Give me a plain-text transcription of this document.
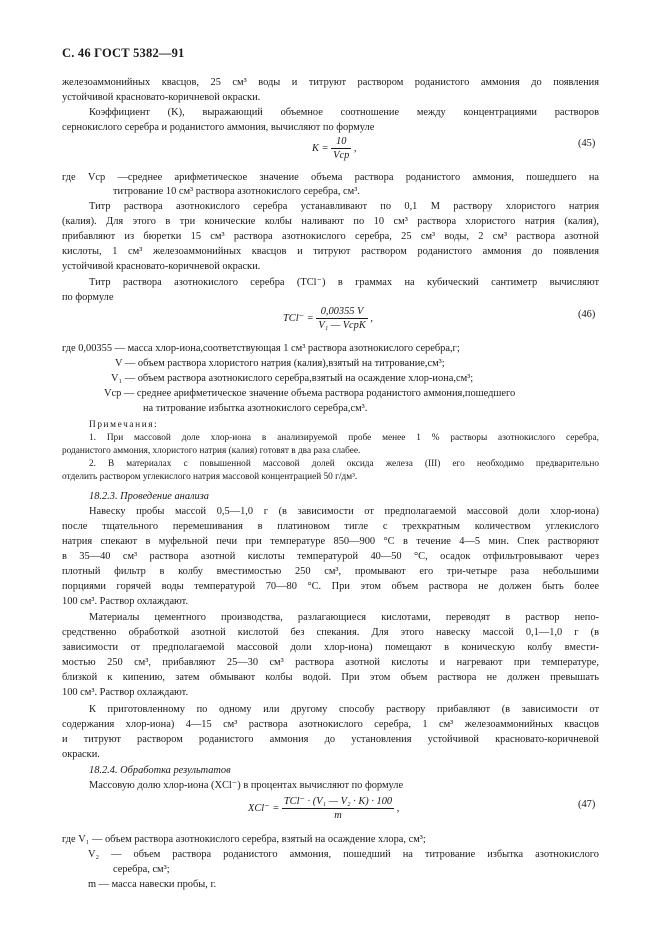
С. 46 ГОСТ 5382—91
железоаммонийных квасцов, 25 см³ воды и титруют раствором роданистого аммония до появления
устойчивой красновато-коричневой окраски.
Коэффициент (K), выражающий объемное соотношение между концентрациями растворов
сернокислого серебра и роданистого аммония, вычисляют по формуле
$K = \frac{10}{\text{Vср}}$ ,	(45)
где Vср —среднее арифметическое значение объема раствора роданистого аммония, пошедшего на
титрование 10 см³ раствора азотнокислого серебра, см³.
Титр раствора азотнокислого серебра устанавливают по 0,1 М раствору хлористого натрия
(калия). Для этого в три конические колбы наливают по 10 см³ раствора хлористого натрия (калия),
прибавляют из бюретки 15 см³ раствора азотнокислого серебра, 25 см³ воды, 2 см³ раствора азотной
кислоты, 1 см³ железоаммонийных квасцов и титруют раствором роданистого аммония до появления
устойчивой красновато-коричневой окраски.
Титр раствора азотнокислого серебра (TCl⁻) в граммах на кубический сантиметр вычисляют
по формуле
$TCl^- = \frac{0,00355 V}{\text{V₁ — VсрK}}$ ,	(46)
где 0,00355 — масса хлор-иона,соответствующая 1 см³ раствора азотнокислого серебра,г;
V — объем раствора хлористого натрия (калия),взятый на титрование,см³;
V₁ — объем раствора азотнокислого серебра,взятый на осаждение хлор-иона,см³;
Vср — среднее арифметическое значение объема раствора роданистого аммония,пошедшего
на титрование избытка азотнокислого серебра,см³.
Примечания:
1. При массовой доле хлор-иона в анализируемой пробе менее 1 % растворы азотнокислого серебра,
роданистого аммония, хлористого натрия (калия) готовят в два раза слабее.
2. В материалах с повышенной массовой долей оксида железа (III) его необходимо предварительно
отделить раствором углекислого натрия массовой концентрацией 50 г/дм³.
18.2.3. Проведение анализа
Навеску пробы массой 0,5—1,0 г (в зависимости от предполагаемой массовой доли хлор-иона)
после тщательного перемешивания в платиновом тигле с трехкратным количеством углекислого
натрия спекают в муфельной печи при температуре 850—900 °С в течение 4—5 мин. Спек растворяют
в 35—40 см³ раствора азотной кислоты температурой 40—50 °С, осадок отфильтровывают через
плотный фильтр в колбу вместимостью 250 см³, промывают его три-четыре раза небольшими
порциями горячей воды температурой 70—80 °С. При этом объем раствора не должен быть более
100 см³. Раствор охлаждают.
Материалы цементного производства, разлагающиеся кислотами, переводят в раствор непо-
средственно обработкой азотной кислотой без спекания. Для этого навеску массой 0,1—1,0 г (в
зависимости от предполагаемой массовой доли хлор-иона) помещают в коническую колбу вмести-
мостью 250 см³, прибавляют 25—30 см³ раствора азотной кислоты и нагревают при температуре,
близкой к кипению, затем обмывают колбы водой. При этом объем раствора не должен превышать
100 см³. Раствор охлаждают.
К приготовленному по одному или другому способу раствору прибавляют (в зависимости от
содержания хлор-иона) 4—15 см³ раствора азотнокислого серебра, 1 см³ железоаммонийных квасцов
и титруют раствором роданистого аммония до установления устойчивой красновато-коричневой
окраски.
18.2.4. Обработка результатов
Массовую долю хлор-иона (XCl⁻) в процентах вычисляют по формуле
$XCl^- = \frac{\text{TCl⁻ · (V₁ — V₂ · K) · 100}}{m}$ ,	(47)
где V₁ — объем раствора азотнокислого серебра, взятый на осаждение хлора, см³;
V₂ — объем раствора роданистого аммония, пошедший на титрование избытка азотнокислого
серебра, см³;
m — масса навески пробы, г.
